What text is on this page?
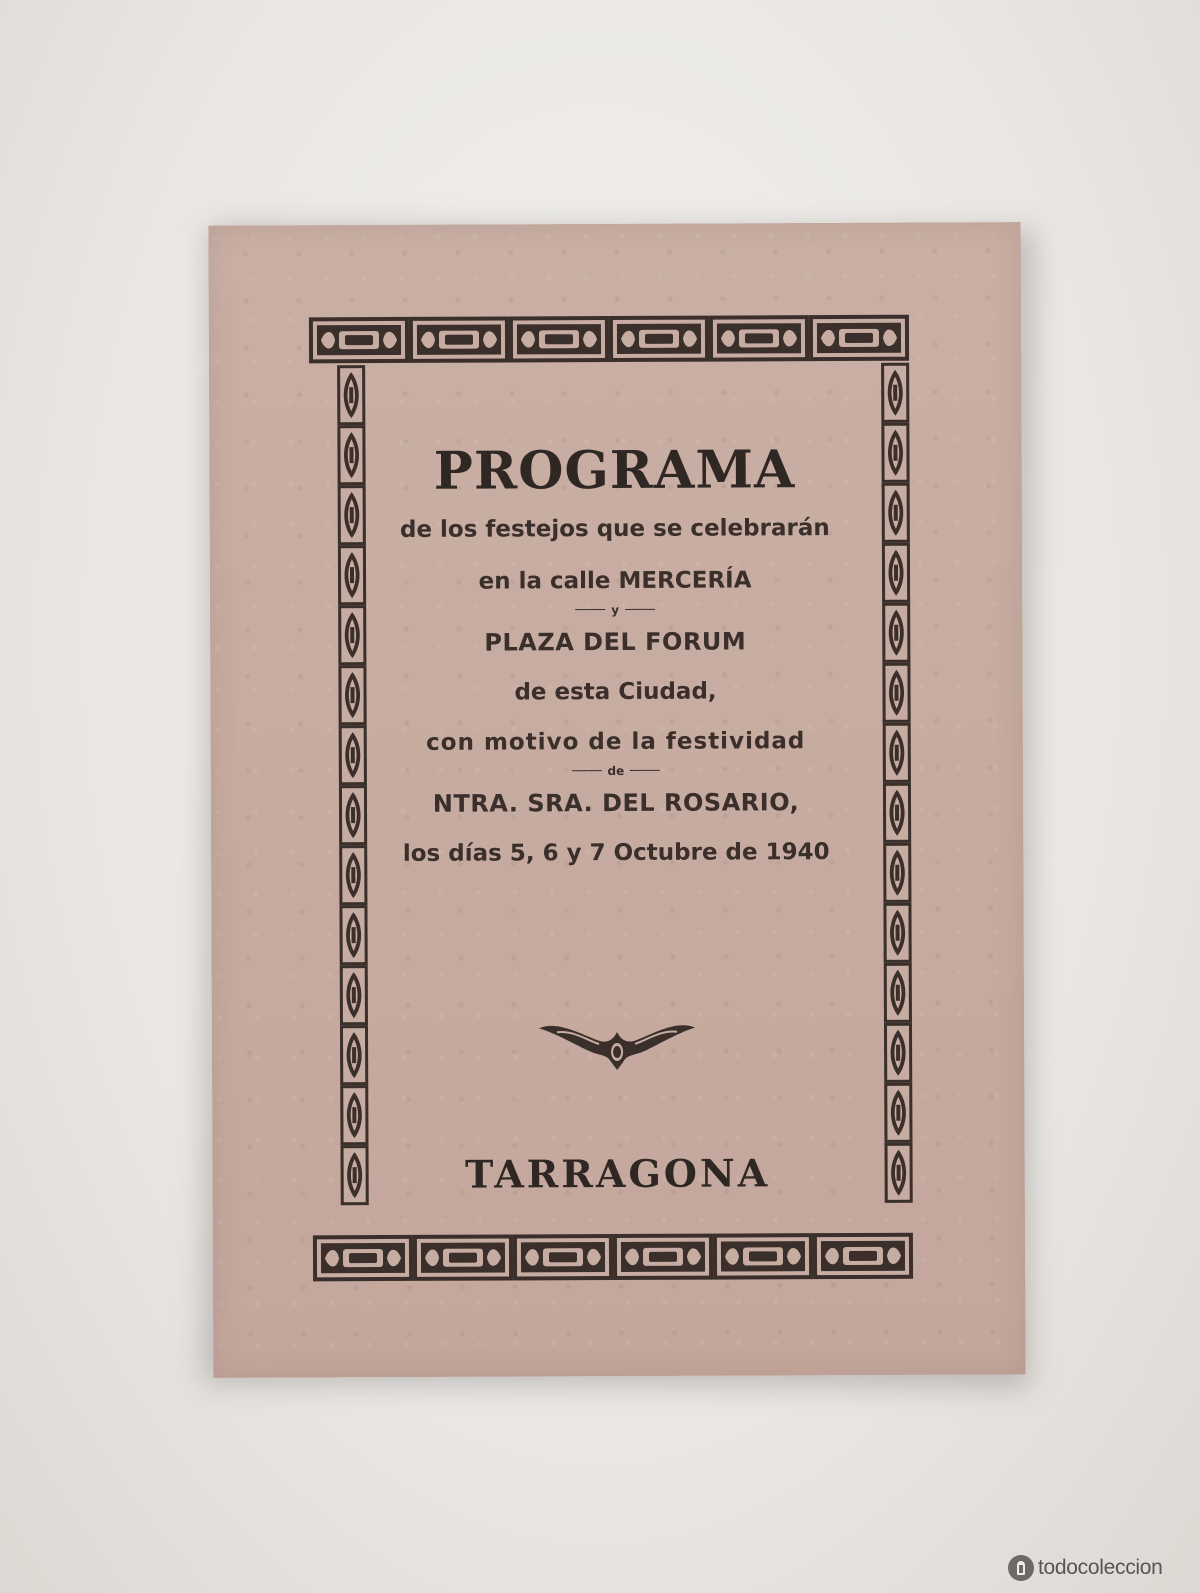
PROGRAMA

de los festejos que se celebrarán

en la calle MERCERÍA

y

PLAZA DEL FORUM

de esta Ciudad,

con motivo de la festividad

de

NTRA. SRA. DEL ROSARIO,

los días 5, 6 y 7 Octubre de 1940

TARRAGONA

todocoleccion
